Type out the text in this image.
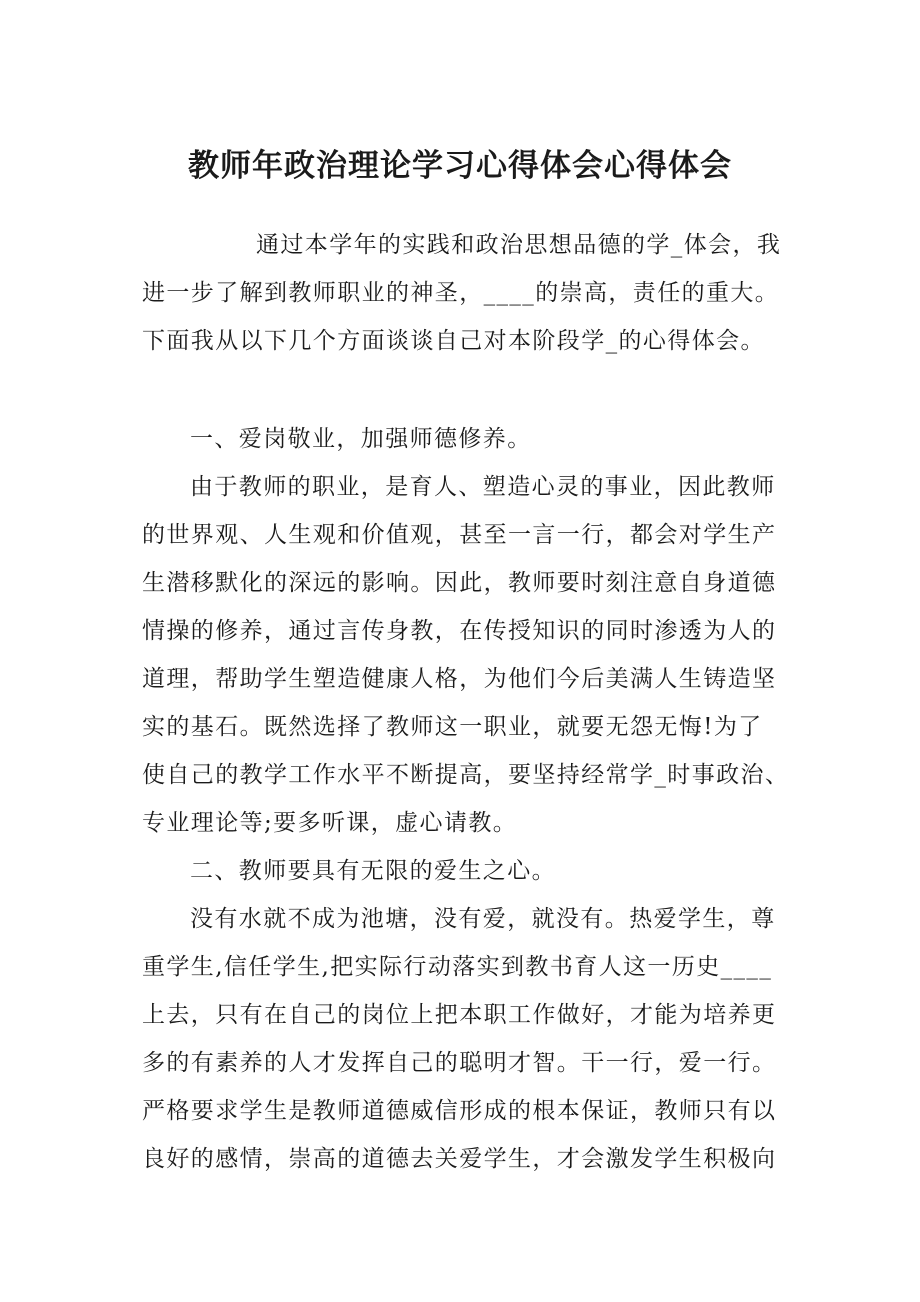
教师年政治理论学习心得体会心得体会

通过本学年的实践和政治思想品德的学_体会，我

进一步了解到教师职业的神圣，____的崇高，责任的重大。

下面我从以下几个方面谈谈自己对本阶段学_的心得体会。

一、爱岗敬业，加强师德修养。

由于教师的职业，是育人、塑造心灵的事业，因此教师

的世界观、人生观和价值观，甚至一言一行，都会对学生产

生潜移默化的深远的影响。因此，教师要时刻注意自身道德

情操的修养，通过言传身教，在传授知识的同时渗透为人的

道理，帮助学生塑造健康人格，为他们今后美满人生铸造坚

实的基石。既然选择了教师这一职业，就要无怨无悔!为了

使自己的教学工作水平不断提高，要坚持经常学_时事政治、

专业理论等;要多听课，虚心请教。

二、教师要具有无限的爱生之心。

没有水就不成为池塘，没有爱，就没有。热爱学生，尊

重学生,信任学生,把实际行动落实到教书育人这一历史____

上去，只有在自己的岗位上把本职工作做好，才能为培养更

多的有素养的人才发挥自己的聪明才智。干一行，爱一行。

严格要求学生是教师道德威信形成的根本保证，教师只有以

良好的感情，崇高的道德去关爱学生，才会激发学生积极向
